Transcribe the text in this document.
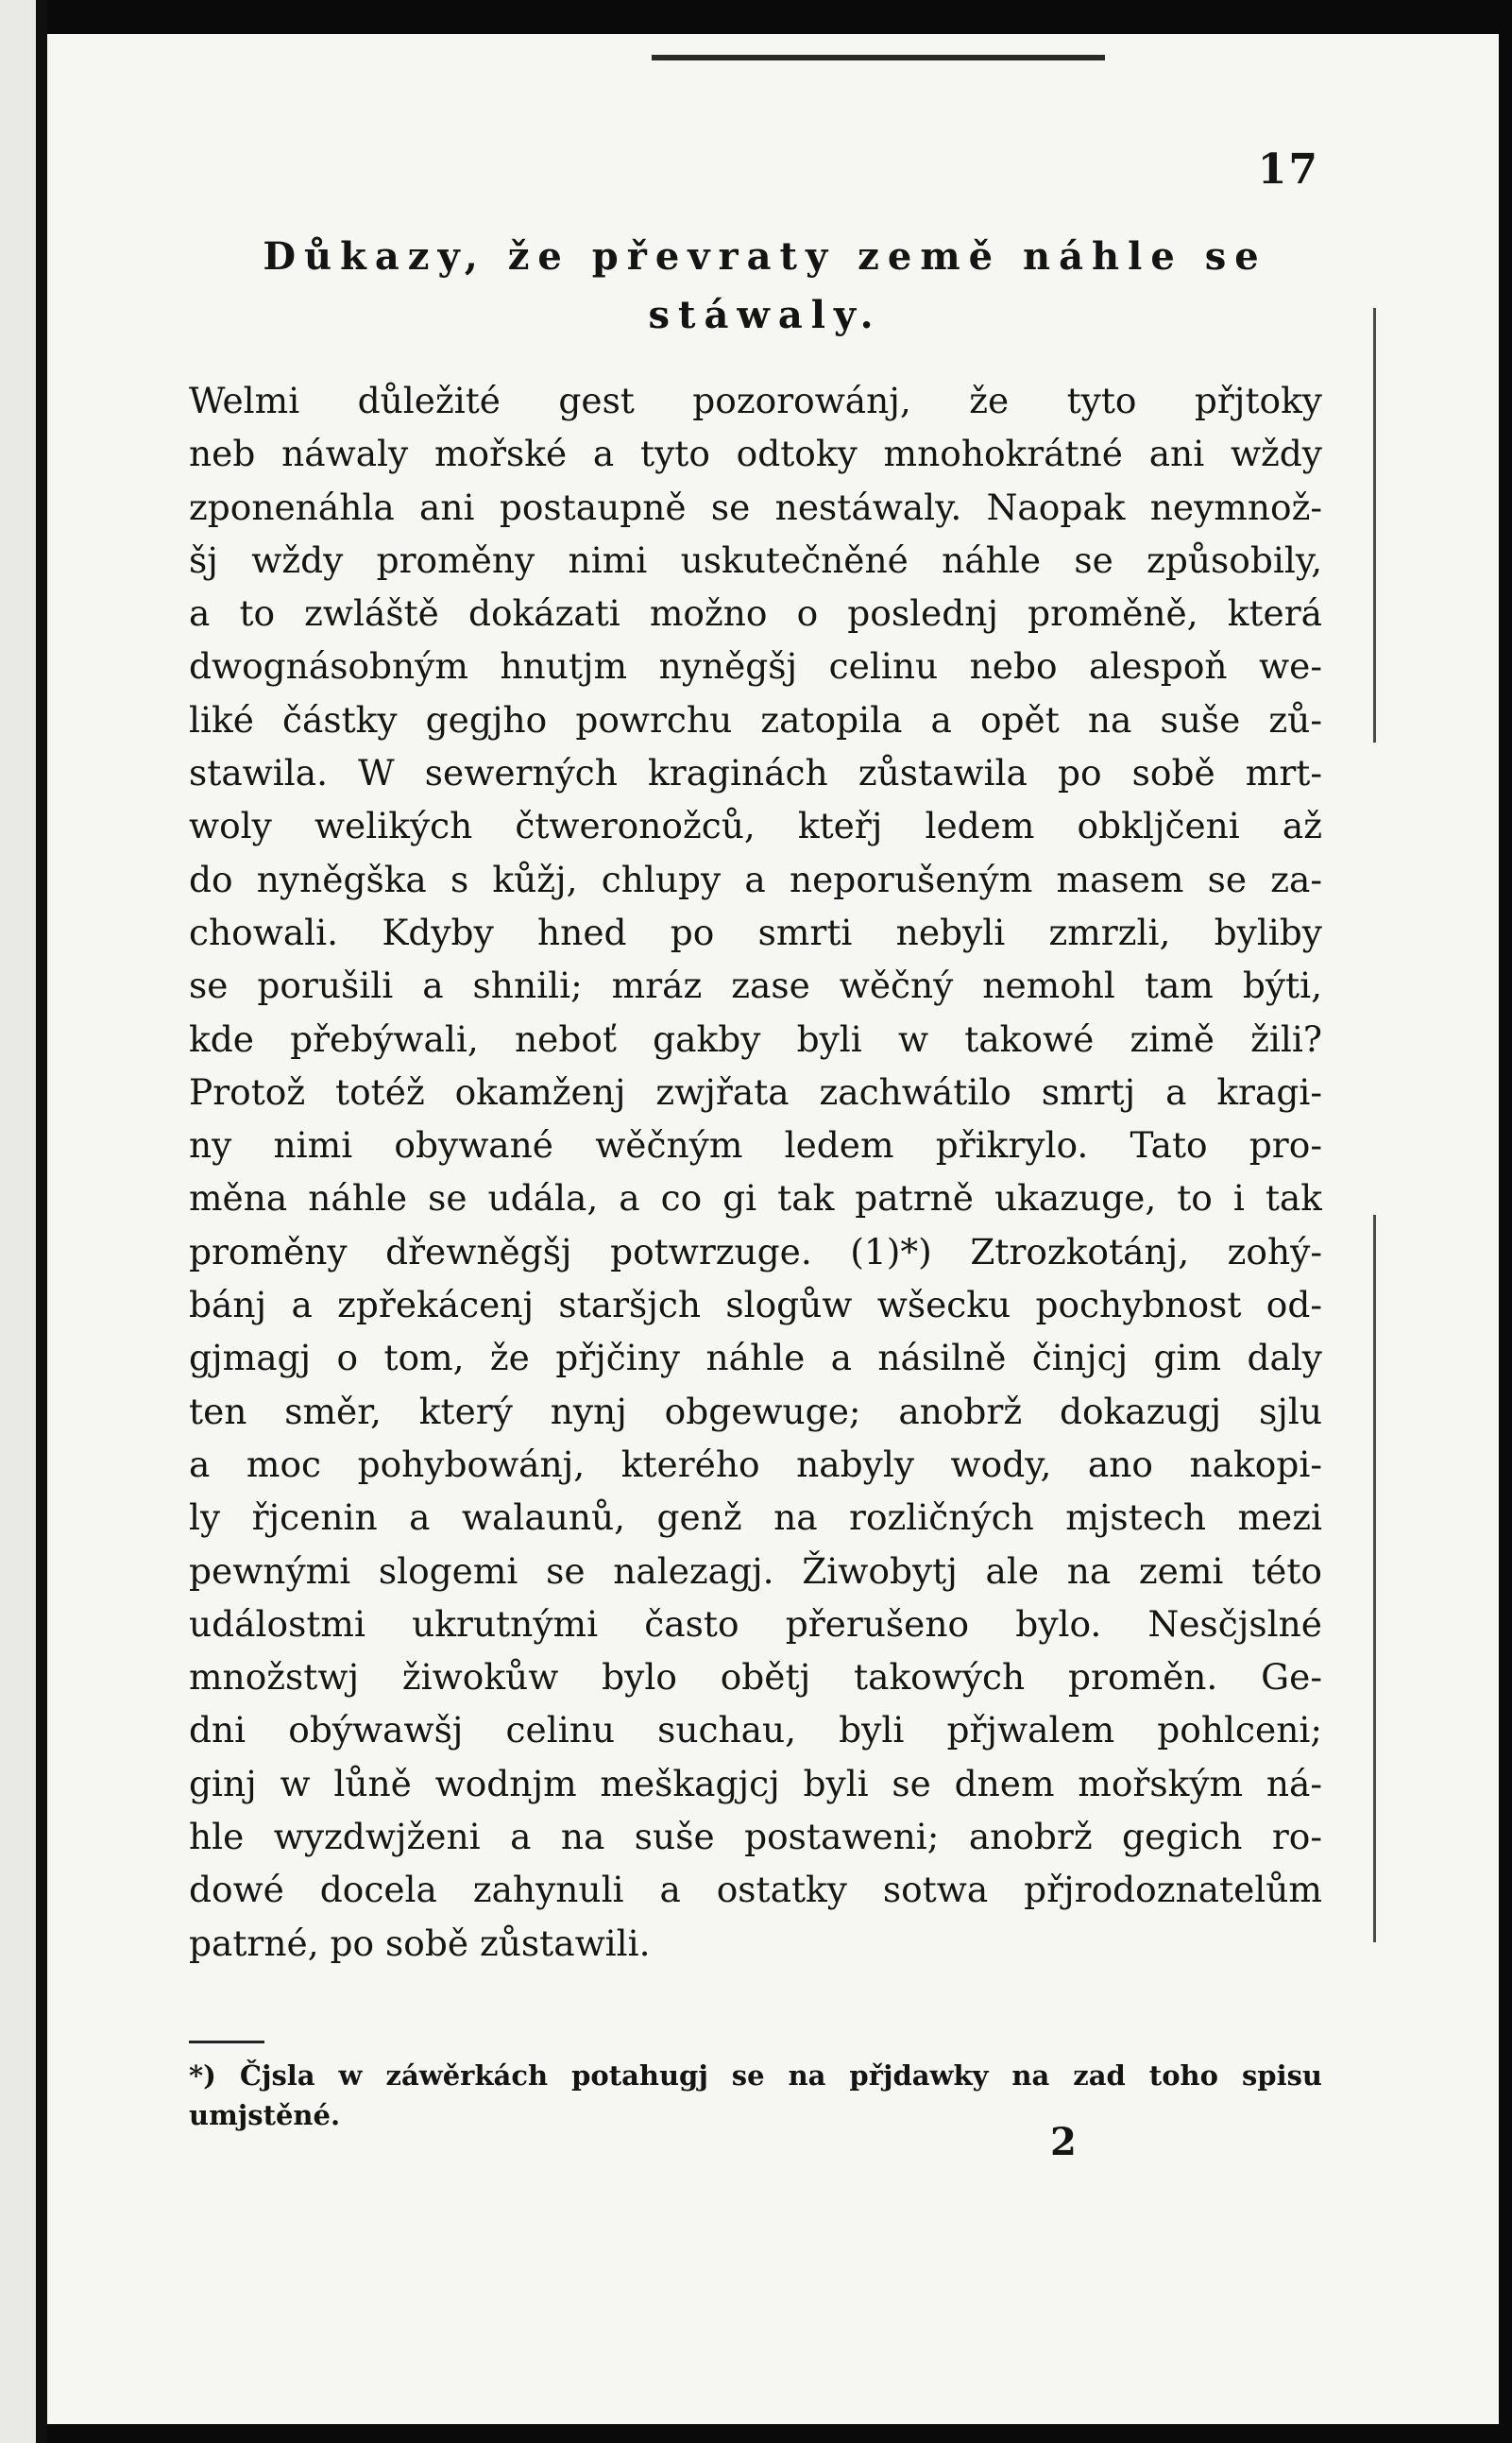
17
Důkazy, že převraty země náhle se
stáwaly.
Welmi důležité gest pozorowánj, že tyto přjtoky
neb náwaly mořské a tyto odtoky mnohokrátné ani wždy
zponenáhla ani postaupně se nestáwaly. Naopak neymnož-
šj wždy proměny nimi uskutečněné náhle se způsobily,
a to zwláště dokázati možno o poslednj proměně, která
dwognásobným hnutjm nyněgšj celinu nebo alespoň we-
liké částky gegjho powrchu zatopila a opět na suše zů-
stawila. W sewerných kraginách zůstawila po sobě mrt-
woly welikých čtweronožců, kteřj ledem obkljčeni až
do nyněgška s kůžj, chlupy a neporušeným masem se za-
chowali. Kdyby hned po smrti nebyli zmrzli, byliby
se porušili a shnili; mráz zase wěčný nemohl tam býti,
kde přebýwali, neboť gakby byli w takowé zimě žili?
Protož totéž okamženj zwjřata zachwátilo smrtj a kragi-
ny nimi obywané wěčným ledem přikrylo. Tato pro-
měna náhle se udála, a co gi tak patrně ukazuge, to i tak
proměny dřewněgšj potwrzuge. (1)*) Ztrozkotánj, zohý-
bánj a zpřekácenj staršjch slogůw wšecku pochybnost od-
gjmagj o tom, že přjčiny náhle a násilně činjcj gim daly
ten směr, který nynj obgewuge; anobrž dokazugj sjlu
a moc pohybowánj, kterého nabyly wody, ano nakopi-
ly řjcenin a walaunů, genž na rozličných mjstech mezi
pewnými slogemi se nalezagj. Žiwobytj ale na zemi této
událostmi ukrutnými často přerušeno bylo. Nesčjslné
množstwj žiwokůw bylo obětj takowých proměn. Ge-
dni obýwawšj celinu suchau, byli přjwalem pohlceni;
ginj w lůně wodnjm meškagjcj byli se dnem mořským ná-
hle wyzdwjženi a na suše postaweni; anobrž gegich ro-
dowé docela zahynuli a ostatky sotwa přjrodoznatelům
patrné, po sobě zůstawili.
*) Čjsla w záwěrkách potahugj se na přjdawky na zad toho spisu
umjstěné.
2
